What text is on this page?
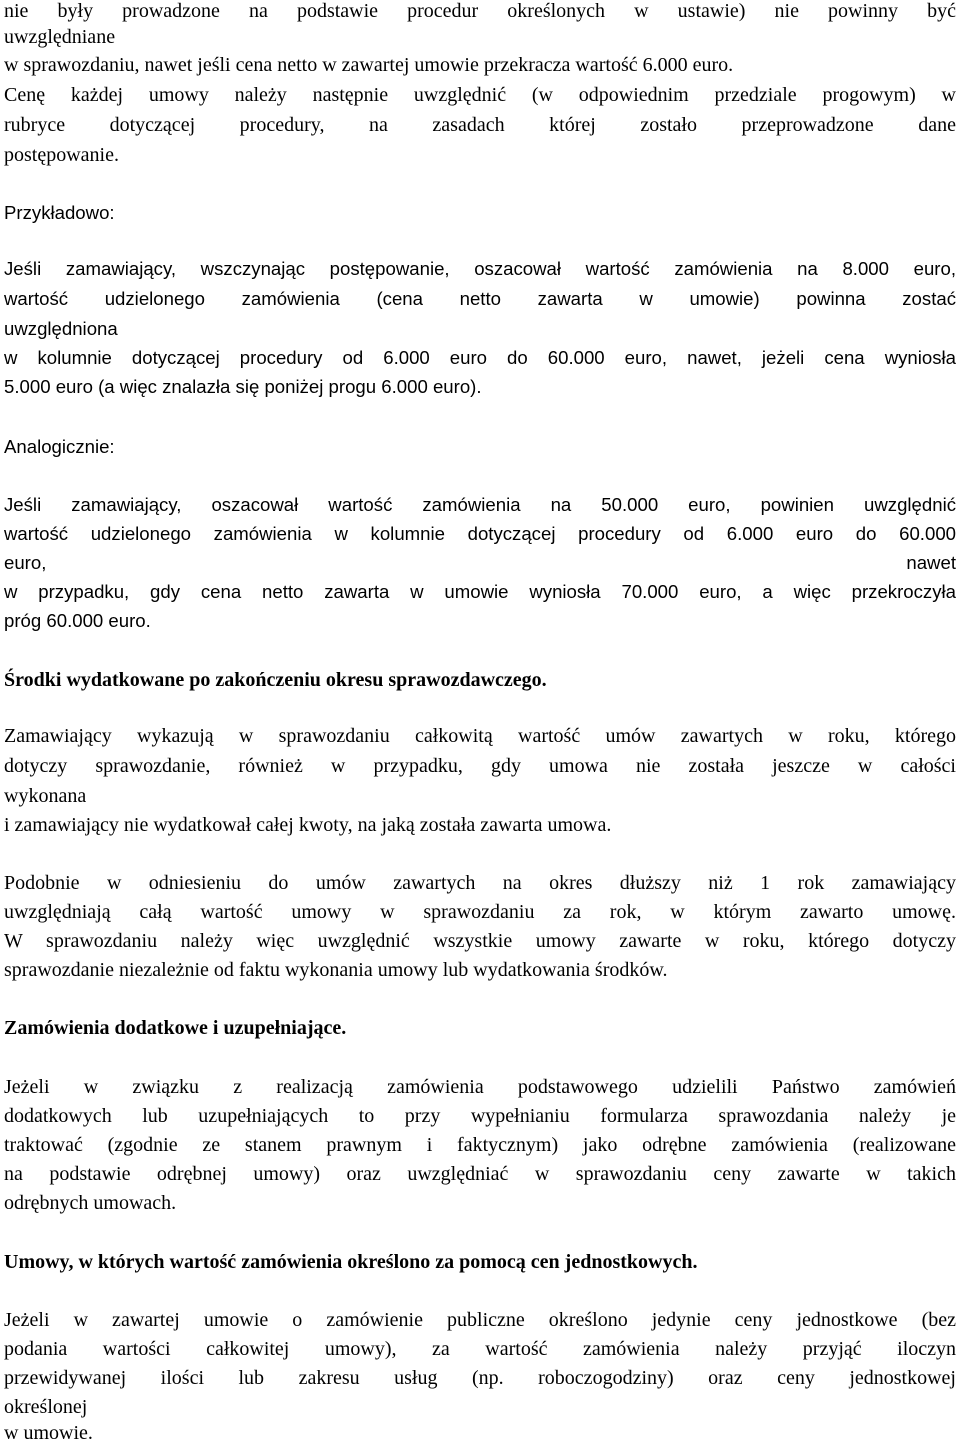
nie były prowadzone na podstawie procedur określonych w ustawie) nie powinny być
uwzględniane
w sprawozdaniu, nawet jeśli cena netto w zawartej umowie przekracza wartość 6.000 euro.
Cenę każdej umowy należy następnie uwzględnić (w odpowiednim przedziale progowym) w
rubryce dotyczącej procedury, na zasadach której zostało przeprowadzone dane
postępowanie.
Przykładowo:
Jeśli zamawiający, wszczynając postępowanie, oszacował wartość zamówienia na 8.000 euro,
wartość udzielonego zamówienia (cena netto zawarta w umowie) powinna zostać
uwzględniona
w kolumnie dotyczącej procedury od 6.000 euro do 60.000 euro, nawet, jeżeli cena wyniosła
5.000 euro (a więc znalazła się poniżej progu 6.000 euro).
Analogicznie:
Jeśli zamawiający, oszacował wartość zamówienia na 50.000 euro, powinien uwzględnić
wartość udzielonego zamówienia w kolumnie dotyczącej procedury od 6.000 euro do 60.000
euro, nawet
w przypadku, gdy cena netto zawarta w umowie wyniosła 70.000 euro, a więc przekroczyła
próg 60.000 euro.
Środki wydatkowane po zakończeniu okresu sprawozdawczego.
Zamawiający wykazują w sprawozdaniu całkowitą wartość umów zawartych w roku, którego
dotyczy sprawozdanie, również w przypadku, gdy umowa nie została jeszcze w całości
wykonana
i zamawiający nie wydatkował całej kwoty, na jaką została zawarta umowa.
Podobnie w odniesieniu do umów zawartych na okres dłuższy niż 1 rok zamawiający
uwzględniają całą wartość umowy w sprawozdaniu za rok, w którym zawarto umowę.
W sprawozdaniu należy więc uwzględnić wszystkie umowy zawarte w roku, którego dotyczy
sprawozdanie niezależnie od faktu wykonania umowy lub wydatkowania środków.
Zamówienia dodatkowe i uzupełniające.
Jeżeli w związku z realizacją zamówienia podstawowego udzielili Państwo zamówień
dodatkowych lub uzupełniających to przy wypełnianiu formularza sprawozdania należy je
traktować (zgodnie ze stanem prawnym i faktycznym) jako odrębne zamówienia (realizowane
na podstawie odrębnej umowy) oraz uwzględniać w sprawozdaniu ceny zawarte w takich
odrębnych umowach.
Umowy, w których wartość zamówienia określono za pomocą cen jednostkowych.
Jeżeli w zawartej umowie o zamówienie publiczne określono jedynie ceny jednostkowe (bez
podania wartości całkowitej umowy), za wartość zamówienia należy przyjąć iloczyn
przewidywanej ilości lub zakresu usług (np. roboczogodziny) oraz ceny jednostkowej
określonej
w umowie.
